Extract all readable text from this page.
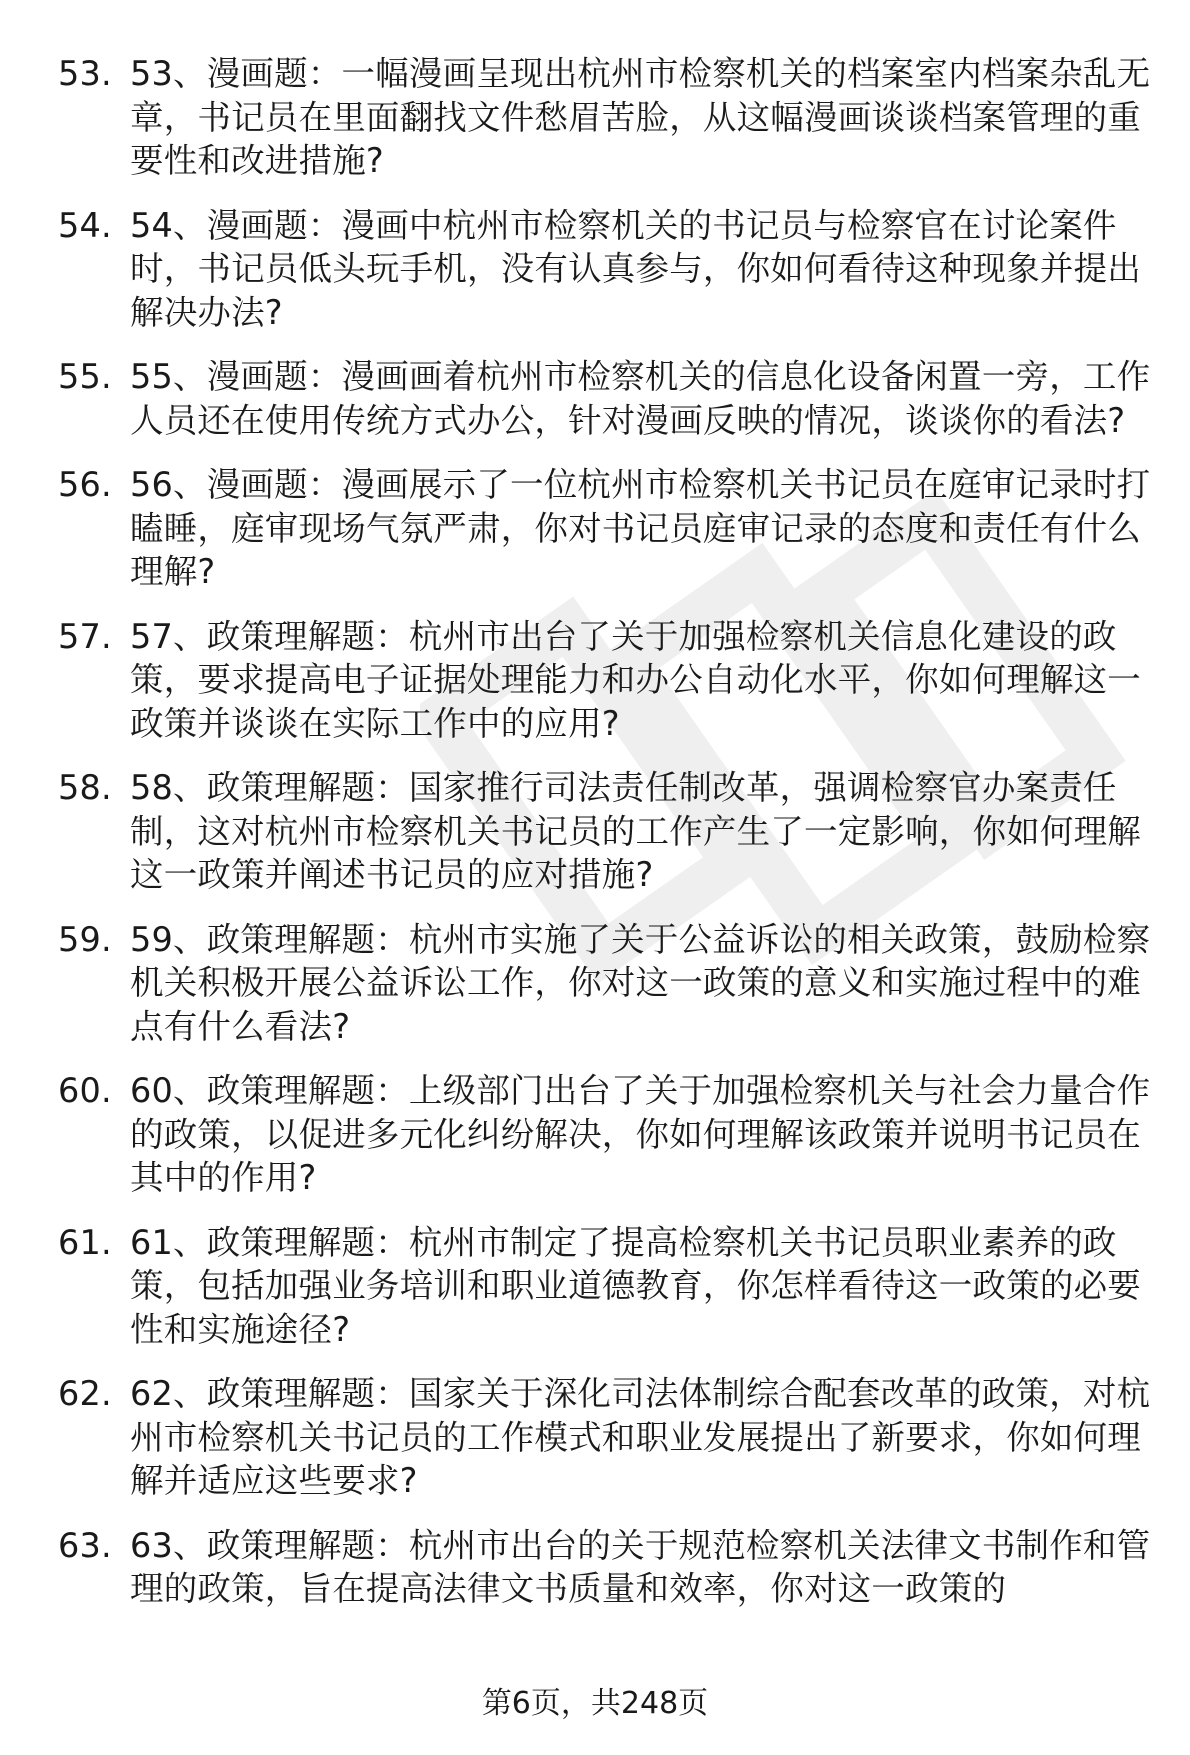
53. 53、漫画题：一幅漫画呈现出杭州市检察机关的档案室内档案杂乱无章，书记员在里面翻找文件愁眉苦脸，从这幅漫画谈谈档案管理的重要性和改进措施?
54. 54、漫画题：漫画中杭州市检察机关的书记员与检察官在讨论案件时，书记员低头玩手机，没有认真参与，你如何看待这种现象并提出解决办法?
55. 55、漫画题：漫画画着杭州市检察机关的信息化设备闲置一旁，工作人员还在使用传统方式办公，针对漫画反映的情况，谈谈你的看法?
56. 56、漫画题：漫画展示了一位杭州市检察机关书记员在庭审记录时打瞌睡，庭审现场气氛严肃，你对书记员庭审记录的态度和责任有什么理解?
57. 57、政策理解题：杭州市出台了关于加强检察机关信息化建设的政策，要求提高电子证据处理能力和办公自动化水平，你如何理解这一政策并谈谈在实际工作中的应用?
58. 58、政策理解题：国家推行司法责任制改革，强调检察官办案责任制，这对杭州市检察机关书记员的工作产生了一定影响，你如何理解这一政策并阐述书记员的应对措施?
59. 59、政策理解题：杭州市实施了关于公益诉讼的相关政策，鼓励检察机关积极开展公益诉讼工作，你对这一政策的意义和实施过程中的难点有什么看法?
60. 60、政策理解题：上级部门出台了关于加强检察机关与社会力量合作的政策，以促进多元化纠纷解决，你如何理解该政策并说明书记员在其中的作用?
61. 61、政策理解题：杭州市制定了提高检察机关书记员职业素养的政策，包括加强业务培训和职业道德教育，你怎样看待这一政策的必要性和实施途径?
62. 62、政策理解题：国家关于深化司法体制综合配套改革的政策，对杭州市检察机关书记员的工作模式和职业发展提出了新要求，你如何理解并适应这些要求?
63. 63、政策理解题：杭州市出台的关于规范检察机关法律文书制作和管理的政策，旨在提高法律文书质量和效率，你对这一政策的
第6页，共248页
